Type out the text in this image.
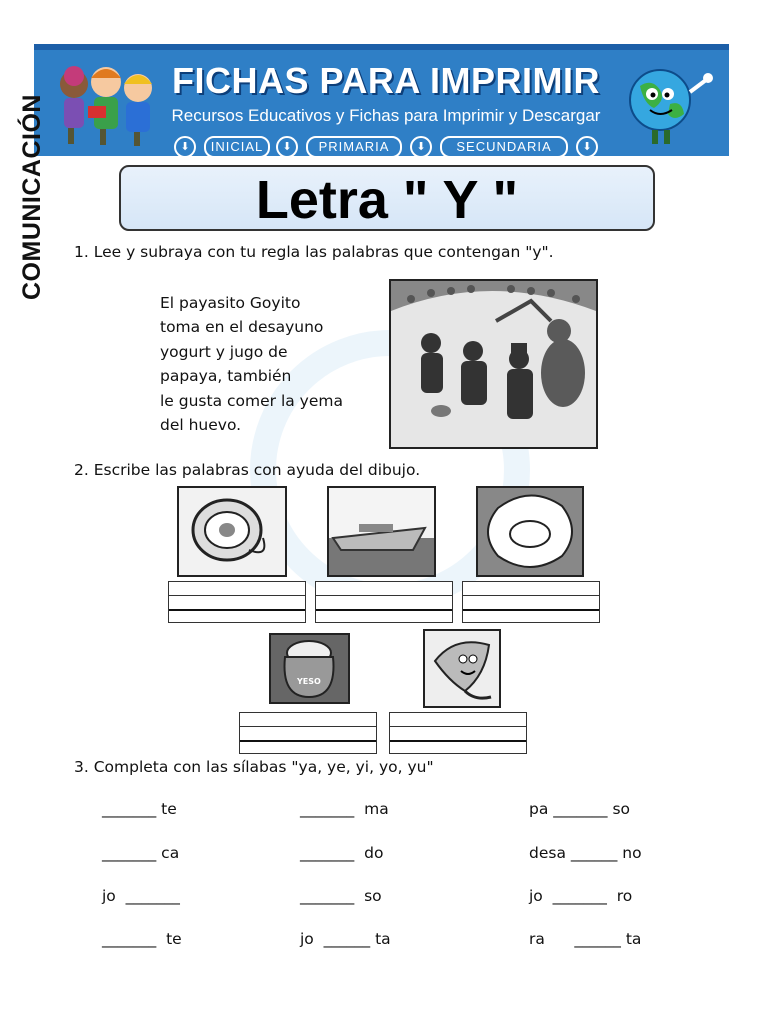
FICHAS PARA IMPRIMIR
Recursos Educativos y Fichas para Imprimir y Descargar
⬇	INICIAL	⬇	PRIMARIA	⬇	SECUNDARIA	⬇
COMUNICACIÓN	Letra " Y "
1. Lee y subraya con tu regla las palabras que contengan "y".
El payasito Goyito
toma en el desayuno
yogurt y jugo de
papaya, también
le gusta comer la yema
del huevo.
2. Escribe las palabras con ayuda del dibujo.
YESO
3. Completa con las sílabas "ya, ye, yi, yo, yu"
_______ te	_______  ma	pa _______ so
_______ ca	_______  do	desa ______ no
jo  _______	_______  so	jo  _______  ro
_______  te	jo  ______ ta	ra      ______ ta
